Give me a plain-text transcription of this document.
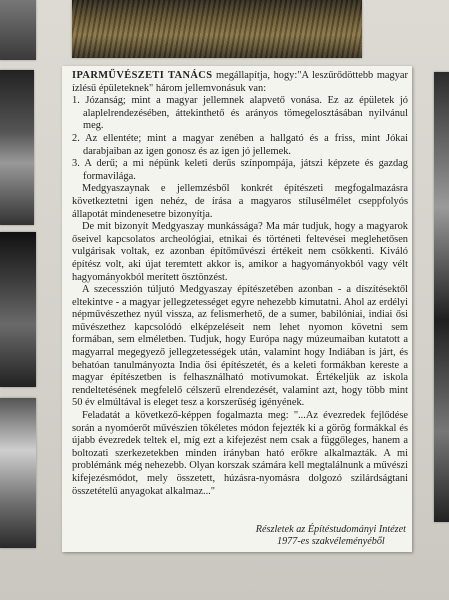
IPARMŰVÉSZETI TANÁCS megállapítja, hogy:"A leszűrődöttebb magyar ízlésű épületeknek" három jellemvonásuk van:

1. Józanság; mint a magyar jellemnek alapvető vonása. Ez az épületek jó alaplelrendezésében, áttekinthető és arányos tömegelosztásában nyilvánul meg.

2. Az ellentéte; mint a magyar zenében a hallgató és a friss, mint Jókai darabjaiban az igen gonosz és az igen jó jellemek.

3. A derű; a mi népünk keleti derűs színpompája, játszi képzete és gazdag formavilága.

Medgyaszaynak e jellemzésből konkrét építészeti megfogalmazásra következtetni igen nehéz, de írása a magyaros stílusélmélet cseppfolyós állapotát mindenesetre bizonyítja.

De mit bizonyít Medgyaszay munkássága? Ma már tudjuk, hogy a magyarok őseivel kapcsolatos archeológiai, etnikai és történeti feltevései meglehetősen vulgárisak voltak, ez azonban építőművészi értékeit nem csökkenti. Kiváló építész volt, aki újat teremtett akkor is, amikor a hagyományokból vagy vélt hagyományokból merített ösztönzést.

A szecesszión túljutó Medgyaszay építészetében azonban - a díszítésektől eltekintve - a magyar jellegzetességet egyre nehezebb kimutatni. Ahol az erdélyi népművészethez nyúl vissza, az felismerhető, de a sumer, babilóniai, indiai ősi művészethez kapcsolódó elképzeléseit nem lehet nyomon követni sem formában, sem elméletben. Tudjuk, hogy Európa nagy múzeumaiban kutatott a magyarral megegyező jellegzetességek után, valamint hogy Indiában is járt, és behatóan tanulmányozta India ősi építészetét, és a keleti formákban kereste a magyar építészetben is felhasználható motívumokat. Értékeljük az iskola rendeltetésének megfelelő célszerű elrendezését, valamint azt, hogy több mint 50 év elmúltával is eleget tesz a korszerűség igényének.

Feladatát a következő-képpen fogalmazta meg: "...Az évezredek fejlődése során a nyomóerőt művészien tökéletes módon fejezték ki a görög formákkal és újabb évezredek teltek el, míg ezt a kifejezést nem csak a függőleges, hanem a boltozati szerkezetekben minden irányban ható erőkre alkalmazták. A mi problémánk még nehezebb. Olyan korszak számára kell megtalálnunk a művészi kifejezésmódot, mely összetett, húzásra-nyomásra dolgozó szilárdságtani összetételű anyagokat alkalmaz..."

Részletek az Építéstudományi Intézet
1977-es szakvéleményéből
